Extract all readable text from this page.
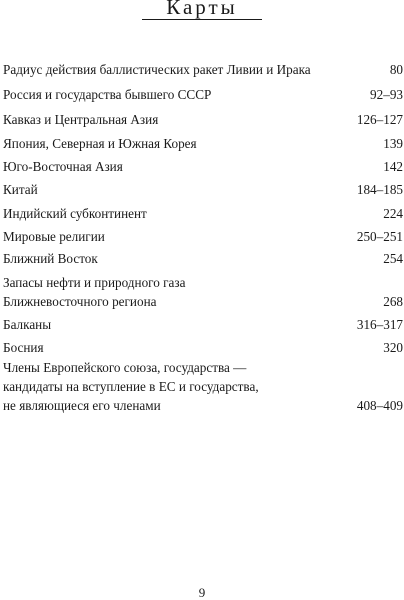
Карты
Радиус действия баллистических ракет Ливии и Ирака	80
Россия и государства бывшего СССР	92–93
Кавказ и Центральная Азия	126–127
Япония, Северная и Южная Корея	139
Юго-Восточная Азия	142
Китай	184–185
Индийский субконтинент	224
Мировые религии	250–251
Ближний Восток	254
Запасы нефти и природного газа
Ближневосточного региона	268
Балканы	316–317
Босния	320
Члены Европейского союза, государства —
кандидаты на вступление в ЕС и государства,
не являющиеся его членами	408–409
9
